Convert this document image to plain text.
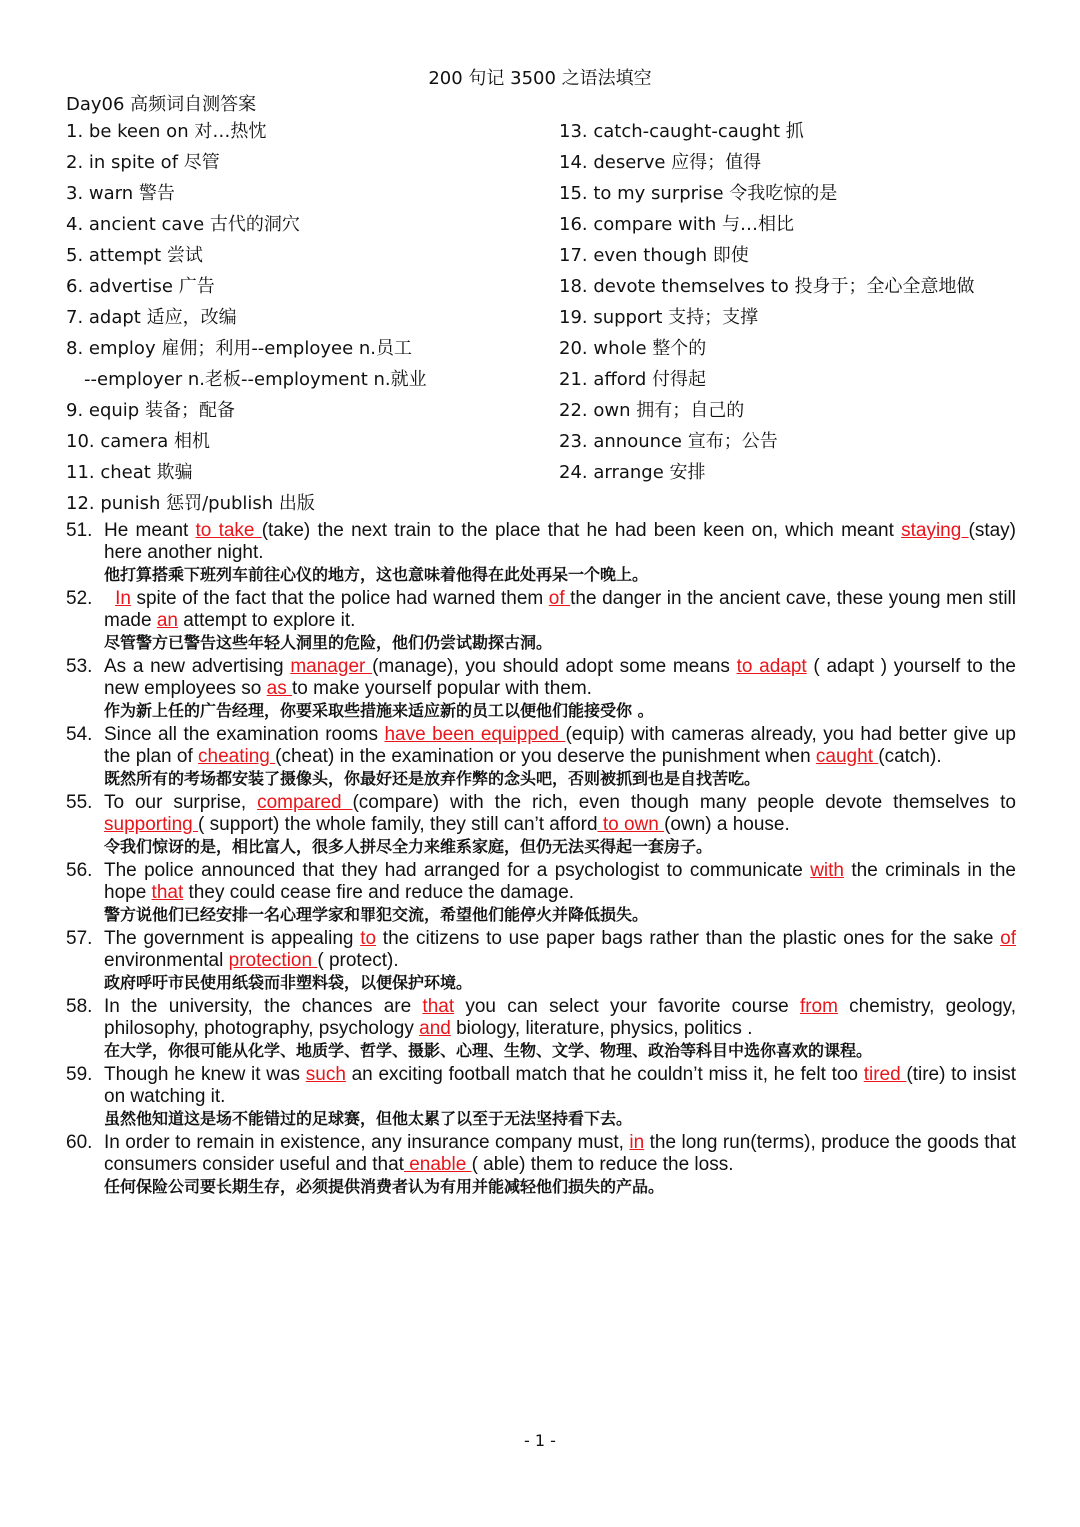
200 句记 3500 之语法填空
Day06 高频词自测答案
1. be keen on 对…热忱
2. in spite of 尽管
3. warn 警告
4. ancient cave 古代的洞穴
5. attempt 尝试
6. advertise 广告
7. adapt 适应，改编
8. employ 雇佣；利用--employee n.员工
--employer n.老板--employment n.就业
9. equip 装备；配备
10. camera 相机
11. cheat 欺骗
12. punish 惩罚/publish 出版
13. catch-caught-caught 抓
14. deserve 应得；值得
15. to my surprise 令我吃惊的是
16. compare with 与…相比
17. even though 即使
18. devote themselves to 投身于；全心全意地做
19. support 支持；支撑
20. whole 整个的
21. afford 付得起
22. own 拥有；自己的
23. announce 宣布；公告
24. arrange 安排
51. He meant to take (take) the next train to the place that he had been keen on, which meant staying (stay) here another night.

他打算搭乘下班列车前往心仪的地方，这也意味着他得在此处再呆一个晚上。

52.	In spite of the fact that the police had warned them of the danger in the ancient cave, these young men still made an attempt to explore it.

尽管警方已警告这些年轻人洞里的危险，他们仍尝试勘探古洞。

53. As a new advertising manager (manage), you should adopt some means to adapt ( adapt ) yourself to the new employees so as to make yourself popular with them.

作为新上任的广告经理，你要采取些措施来适应新的员工以便他们能接受你 。

54. Since all the examination rooms have been equipped (equip) with cameras already, you had better give up the plan of cheating (cheat) in the examination or you deserve the punishment when caught (catch).

既然所有的考场都安装了摄像头，你最好还是放弃作弊的念头吧，否则被抓到也是自找苦吃。

55. To our surprise, compared (compare) with the rich, even though many people devote themselves to supporting ( support) the whole family, they still can’t afford to own (own) a house.

令我们惊讶的是，相比富人，很多人拼尽全力来维系家庭，但仍无法买得起一套房子。

56. The police announced that they had arranged for a psychologist to communicate with the criminals in the hope that they could cease fire and reduce the damage.

警方说他们已经安排一名心理学家和罪犯交流，希望他们能停火并降低损失。

57. The government is appealing to the citizens to use paper bags rather than the plastic ones for the sake of environmental protection ( protect).

政府呼吁市民使用纸袋而非塑料袋，以便保护环境。

58. In the university, the chances are that you can select your favorite course from chemistry, geology, philosophy, photography, psychology and biology, literature, physics, politics .

在大学，你很可能从化学、地质学、哲学、摄影、心理、生物、文学、物理、政治等科目中选你喜欢的课程。

59. Though he knew it was such an exciting football match that he couldn’t miss it, he felt too tired (tire) to insist on watching it.

虽然他知道这是场不能错过的足球赛，但他太累了以至于无法坚持看下去。

60. In order to remain in existence, any insurance company must, in the long run(terms), produce the goods that consumers consider useful and that enable ( able) them to reduce the loss.

任何保险公司要长期生存，必须提供消费者认为有用并能减轻他们损失的产品。

- 1 -
